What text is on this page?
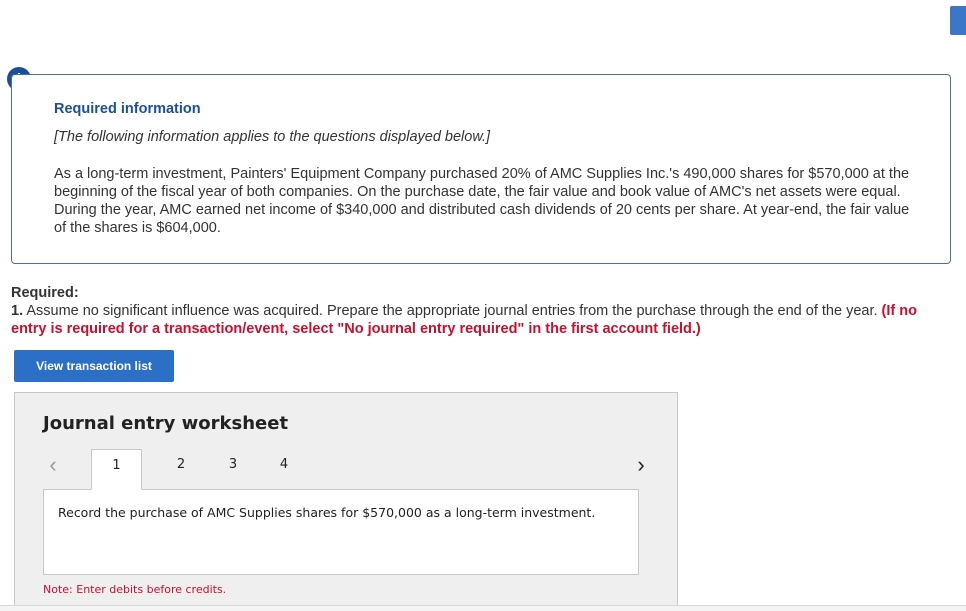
Required information
[The following information applies to the questions displayed below.]
As a long-term investment, Painters' Equipment Company purchased 20% of AMC Supplies Inc.'s 490,000 shares for $570,000 at the beginning of the fiscal year of both companies. On the purchase date, the fair value and book value of AMC's net assets were equal. During the year, AMC earned net income of $340,000 and distributed cash dividends of 20 cents per share. At year-end, the fair value of the shares is $604,000.
Required:
1. Assume no significant influence was acquired. Prepare the appropriate journal entries from the purchase through the end of the year. (If no entry is required for a transaction/event, select "No journal entry required" in the first account field.)
View transaction list
Journal entry worksheet
‹	1	2	3	4	›
Record the purchase of AMC Supplies shares for $570,000 as a long-term investment.
Note: Enter debits before credits.
